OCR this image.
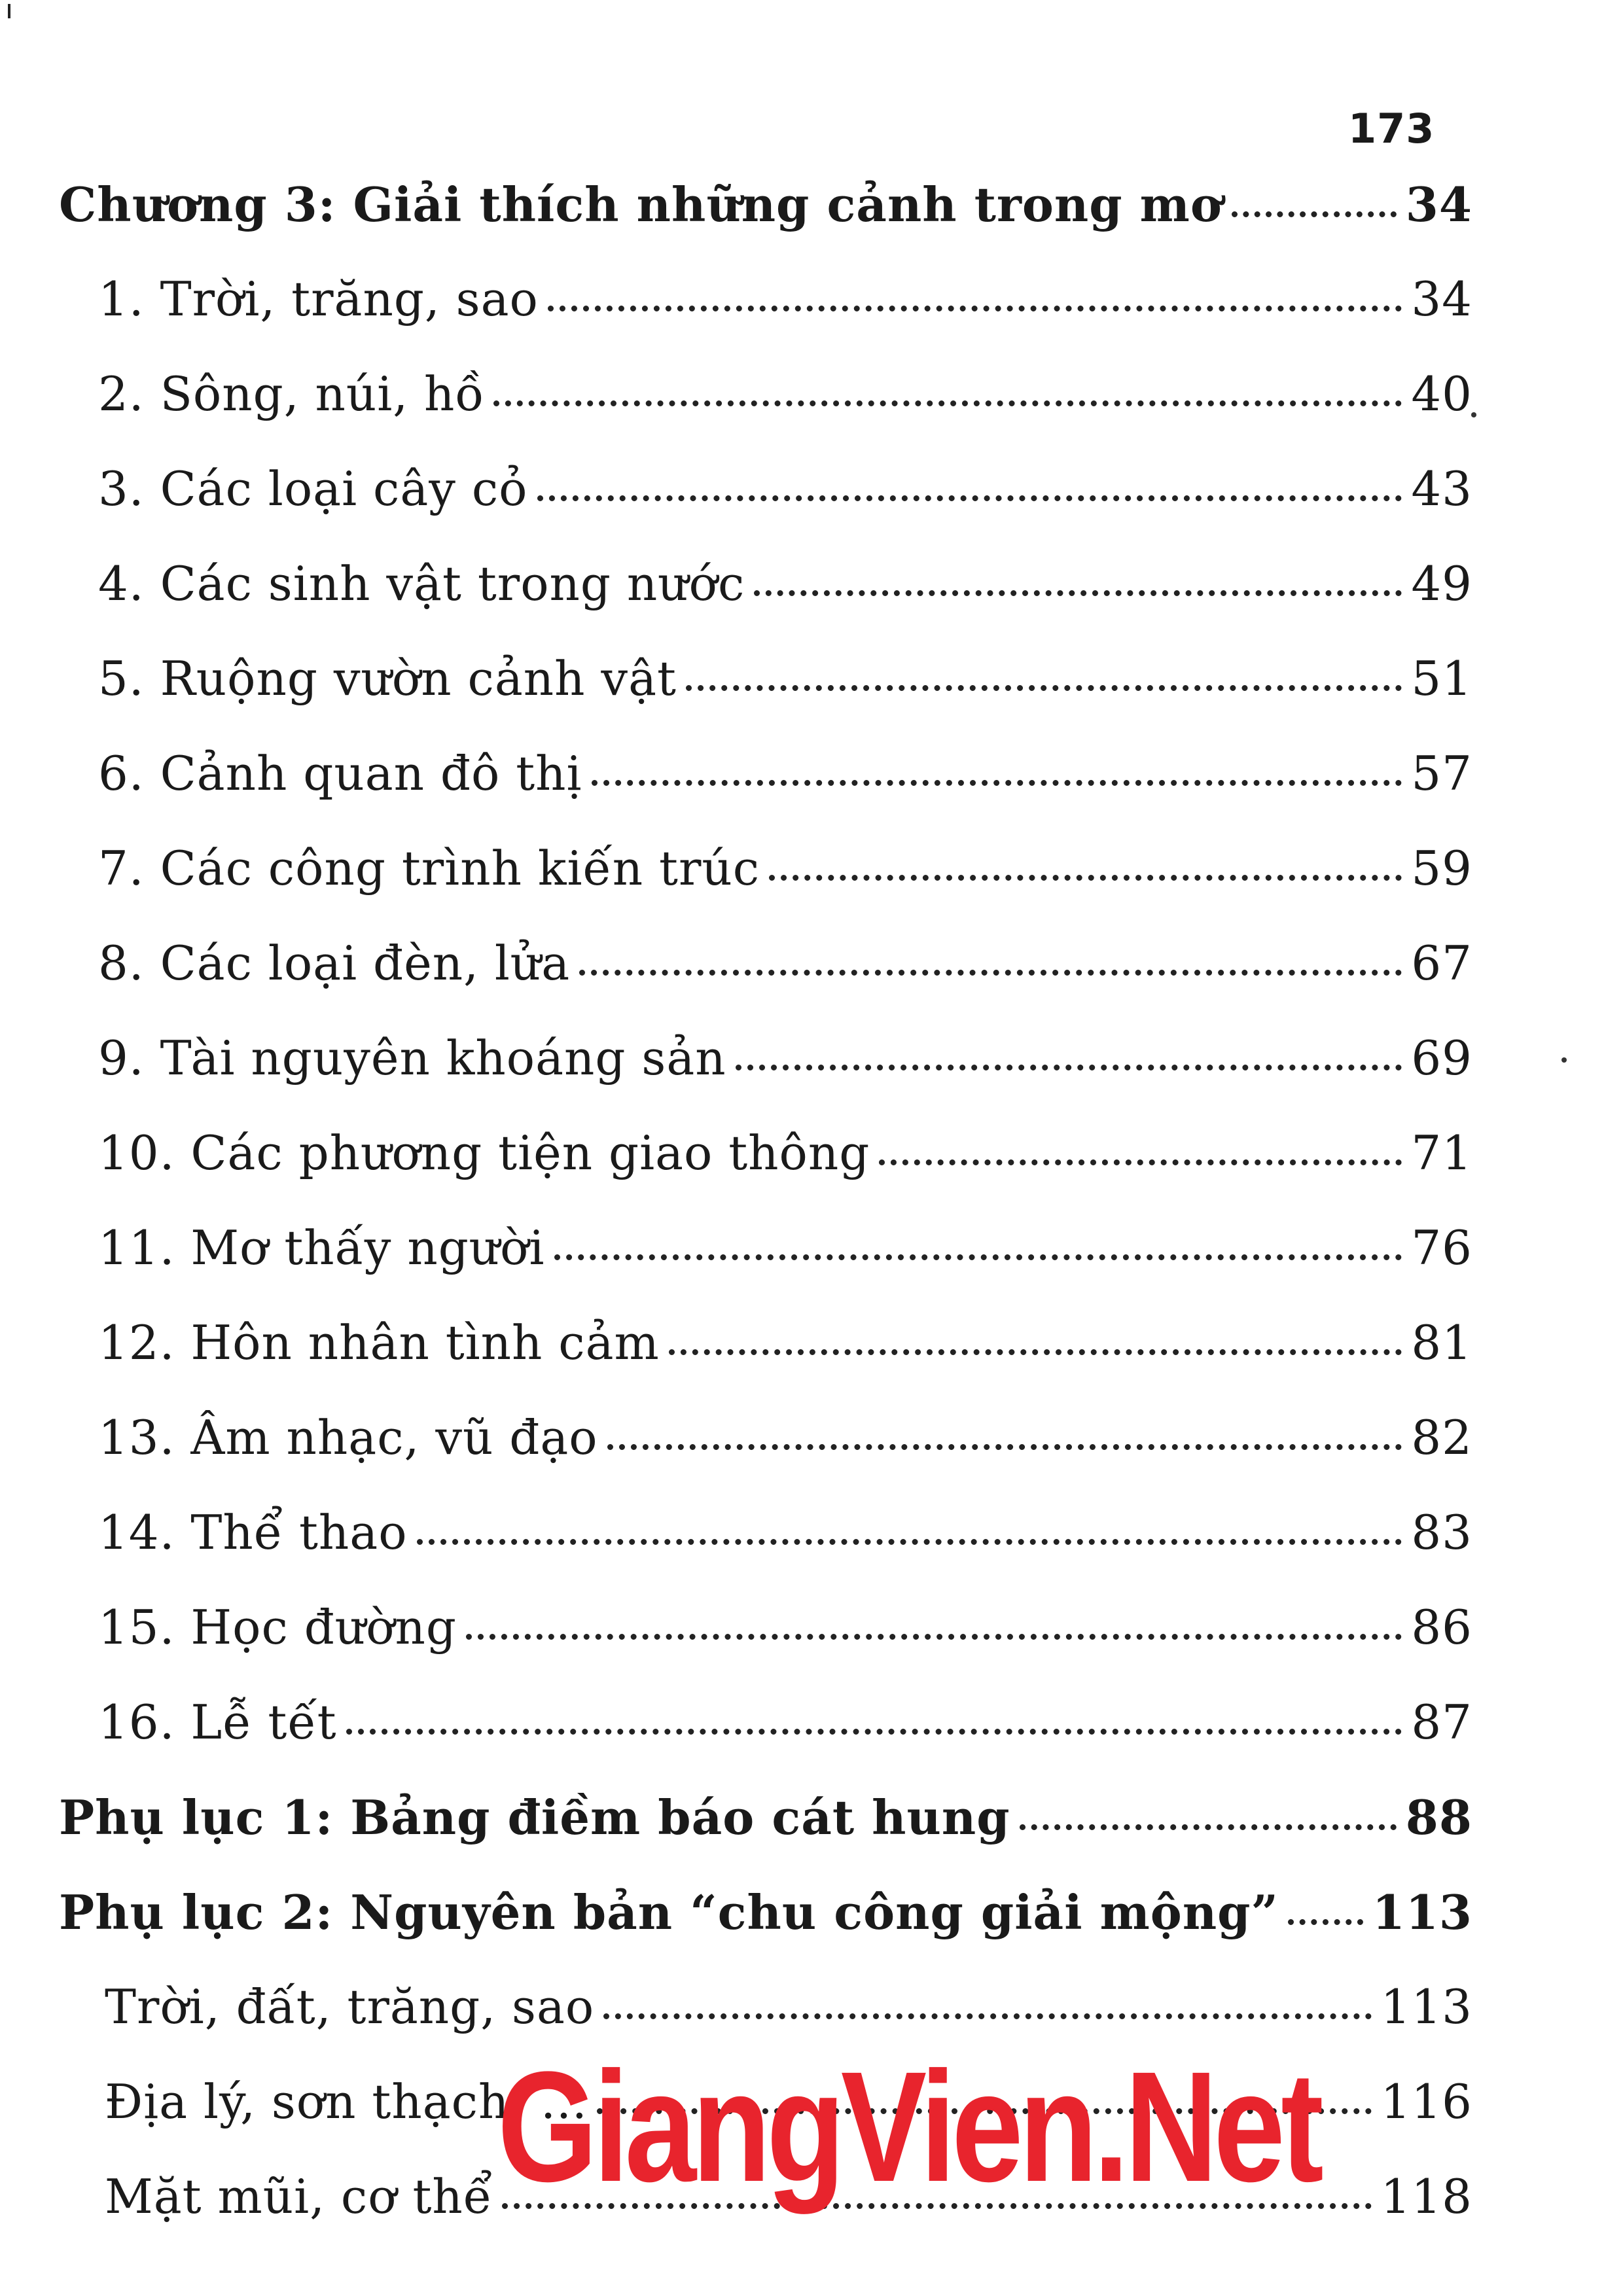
173
Chương 3: Giải thích những cảnh trong mơ	34
1. Trời, trăng, sao	34
2. Sông, núi, hồ	40
3. Các loại cây cỏ	43
4. Các sinh vật trong nước	49
5. Ruộng vườn cảnh vật	51
6. Cảnh quan đô thị	57
7. Các công trình kiến trúc	59
8. Các loại đèn, lửa	67
9. Tài nguyên khoáng sản	69
10. Các phương tiện giao thông	71
11. Mơ thấy người	76
12. Hôn nhân tình cảm	81
13. Âm nhạc, vũ đạo	82
14. Thể thao	83
15. Học đường	86
16. Lễ tết	87
Phụ lục 1: Bảng điềm báo cát hung	88
Phụ lục 2: Nguyên bản “chu công giải mộng” 113
Trời, đất, trăng, sao	113
Địa lý, sơn thạch, ...	116
Mặt mũi, cơ thể	118
GiangVien.Net
